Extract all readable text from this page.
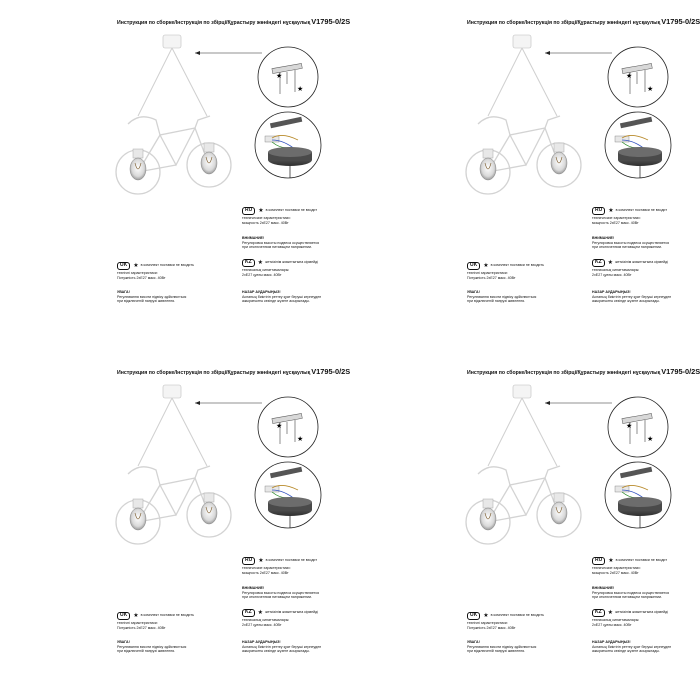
Инструкция по сборке/Інструкція по збірці/Құрастыру жөніндегі нұсқаулықV1795-0/2S
★
★
RU ★ в комплект поставки не входит
технические характеристики:
мощность 2хE27 макс. 40Вт
ВНИМАНИЕ!
Регулировка высоты подвеса осуществляется
при отключенном питающем напряжении.
UK ★ в комплект поставки не входить
технічні характеристики:
Потужність 2хE27 макс. 40Вт
KZ ★ жеткізілім жиынтығына кірмейді
техникалық сипаттамалары:
2хE27 қуаты макс. 40Вт
УВАГА!
Регулювання висоти підвісу здійснюється
при відключеній напрузі живлення.
НАЗАР АУДАРЫҢЫЗ!
Аспаның биіктігін реттеу қуат беруші кернеуден
ажыратылғы кезінде жүзеге асырылады.
Инструкция по сборке/Інструкція по збірці/Құрастыру жөніндегі нұсқаулықV1795-0/2S
★
★
RU ★ в комплект поставки не входит
технические характеристики:
мощность 2хE27 макс. 40Вт
ВНИМАНИЕ!
Регулировка высоты подвеса осуществляется
при отключенном питающем напряжении.
UK ★ в комплект поставки не входить
технічні характеристики:
Потужність 2хE27 макс. 40Вт
KZ ★ жеткізілім жиынтығына кірмейді
техникалық сипаттамалары:
2хE27 қуаты макс. 40Вт
УВАГА!
Регулювання висоти підвісу здійснюється
при відключеній напрузі живлення.
НАЗАР АУДАРЫҢЫЗ!
Аспаның биіктігін реттеу қуат беруші кернеуден
ажыратылғы кезінде жүзеге асырылады.
Инструкция по сборке/Інструкція по збірці/Құрастыру жөніндегі нұсқаулықV1795-0/2S
★
★
RU ★ в комплект поставки не входит
технические характеристики:
мощность 2хE27 макс. 40Вт
ВНИМАНИЕ!
Регулировка высоты подвеса осуществляется
при отключенном питающем напряжении.
UK ★ в комплект поставки не входить
технічні характеристики:
Потужність 2хE27 макс. 40Вт
KZ ★ жеткізілім жиынтығына кірмейді
техникалық сипаттамалары:
2хE27 қуаты макс. 40Вт
УВАГА!
Регулювання висоти підвісу здійснюється
при відключеній напрузі живлення.
НАЗАР АУДАРЫҢЫЗ!
Аспаның биіктігін реттеу қуат беруші кернеуден
ажыратылғы кезінде жүзеге асырылады.
Инструкция по сборке/Інструкція по збірці/Құрастыру жөніндегі нұсқаулықV1795-0/2S
★
★
RU ★ в комплект поставки не входит
технические характеристики:
мощность 2хE27 макс. 40Вт
ВНИМАНИЕ!
Регулировка высоты подвеса осуществляется
при отключенном питающем напряжении.
UK ★ в комплект поставки не входить
технічні характеристики:
Потужність 2хE27 макс. 40Вт
KZ ★ жеткізілім жиынтығына кірмейді
техникалық сипаттамалары:
2хE27 қуаты макс. 40Вт
УВАГА!
Регулювання висоти підвісу здійснюється
при відключеній напрузі живлення.
НАЗАР АУДАРЫҢЫЗ!
Аспаның биіктігін реттеу қуат беруші кернеуден
ажыратылғы кезінде жүзеге асырылады.
